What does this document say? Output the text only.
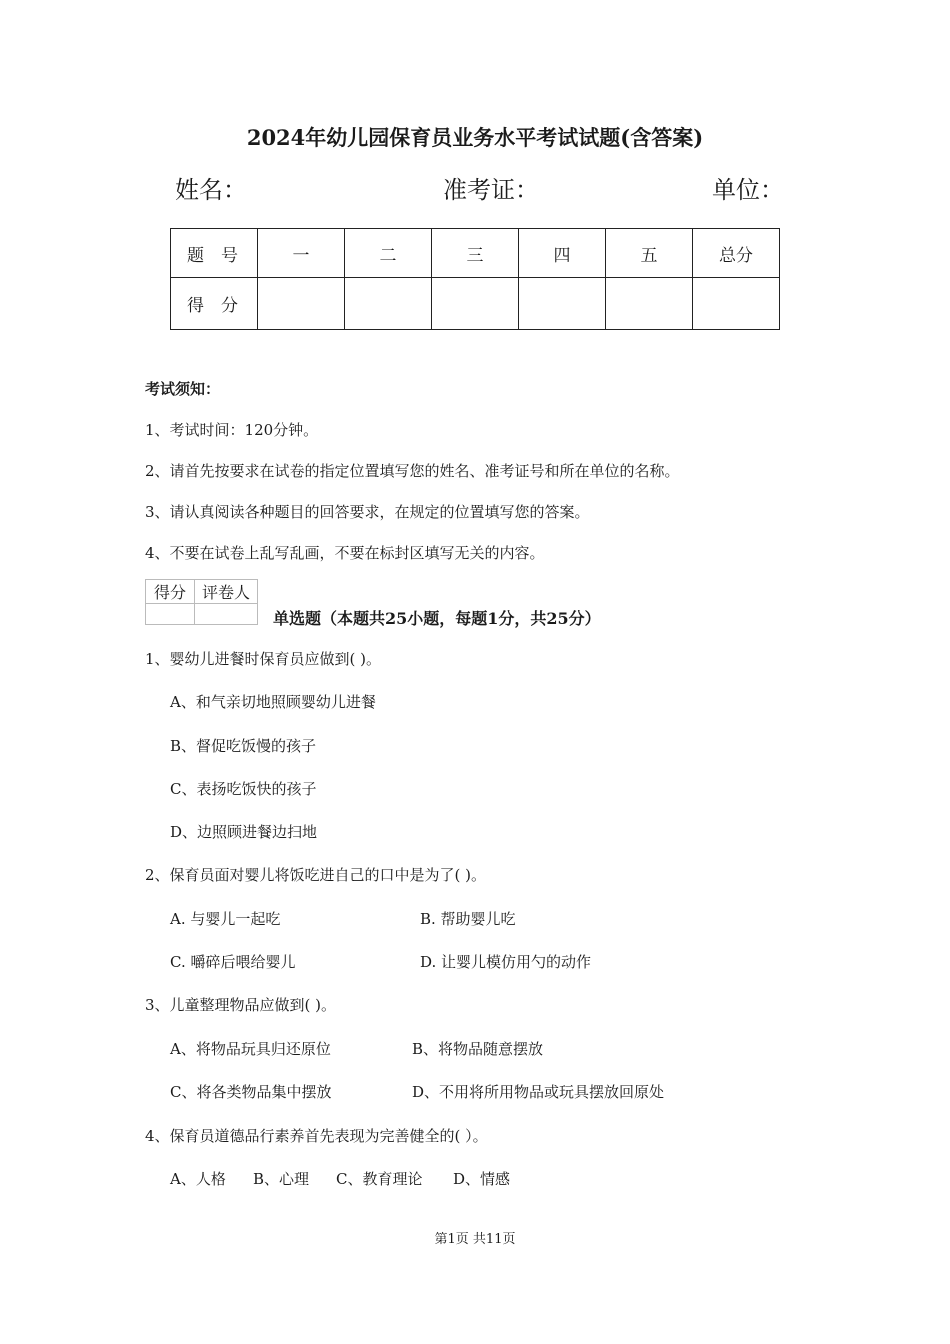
2024年幼儿园保育员业务水平考试试题(含答案)
姓名：	准考证：	单位：
题　号	一	二	三	四	五	总分
得　分						
考试须知：
1、考试时间：120分钟。
2、请首先按要求在试卷的指定位置填写您的姓名、准考证号和所在单位的名称。
3、请认真阅读各种题目的回答要求，在规定的位置填写您的答案。
4、不要在试卷上乱写乱画，不要在标封区填写无关的内容。
得分	评卷人

单选题（本题共25小题，每题1分，共25分）
1、婴幼儿进餐时保育员应做到( )。
A、和气亲切地照顾婴幼儿进餐
B、督促吃饭慢的孩子
C、表扬吃饭快的孩子
D、边照顾进餐边扫地
2、保育员面对婴儿将饭吃进自己的口中是为了( )。
A. 与婴儿一起吃	B. 帮助婴儿吃
C. 嚼碎后喂给婴儿	D. 让婴儿模仿用勺的动作
3、儿童整理物品应做到( )。
A、将物品玩具归还原位	B、将物品随意摆放
C、将各类物品集中摆放	D、不用将所用物品或玩具摆放回原处
4、保育员道德品行素养首先表现为完善健全的( ）。
A、人格 B、心理 C、教育理论 D、情感
第1页 共11页
